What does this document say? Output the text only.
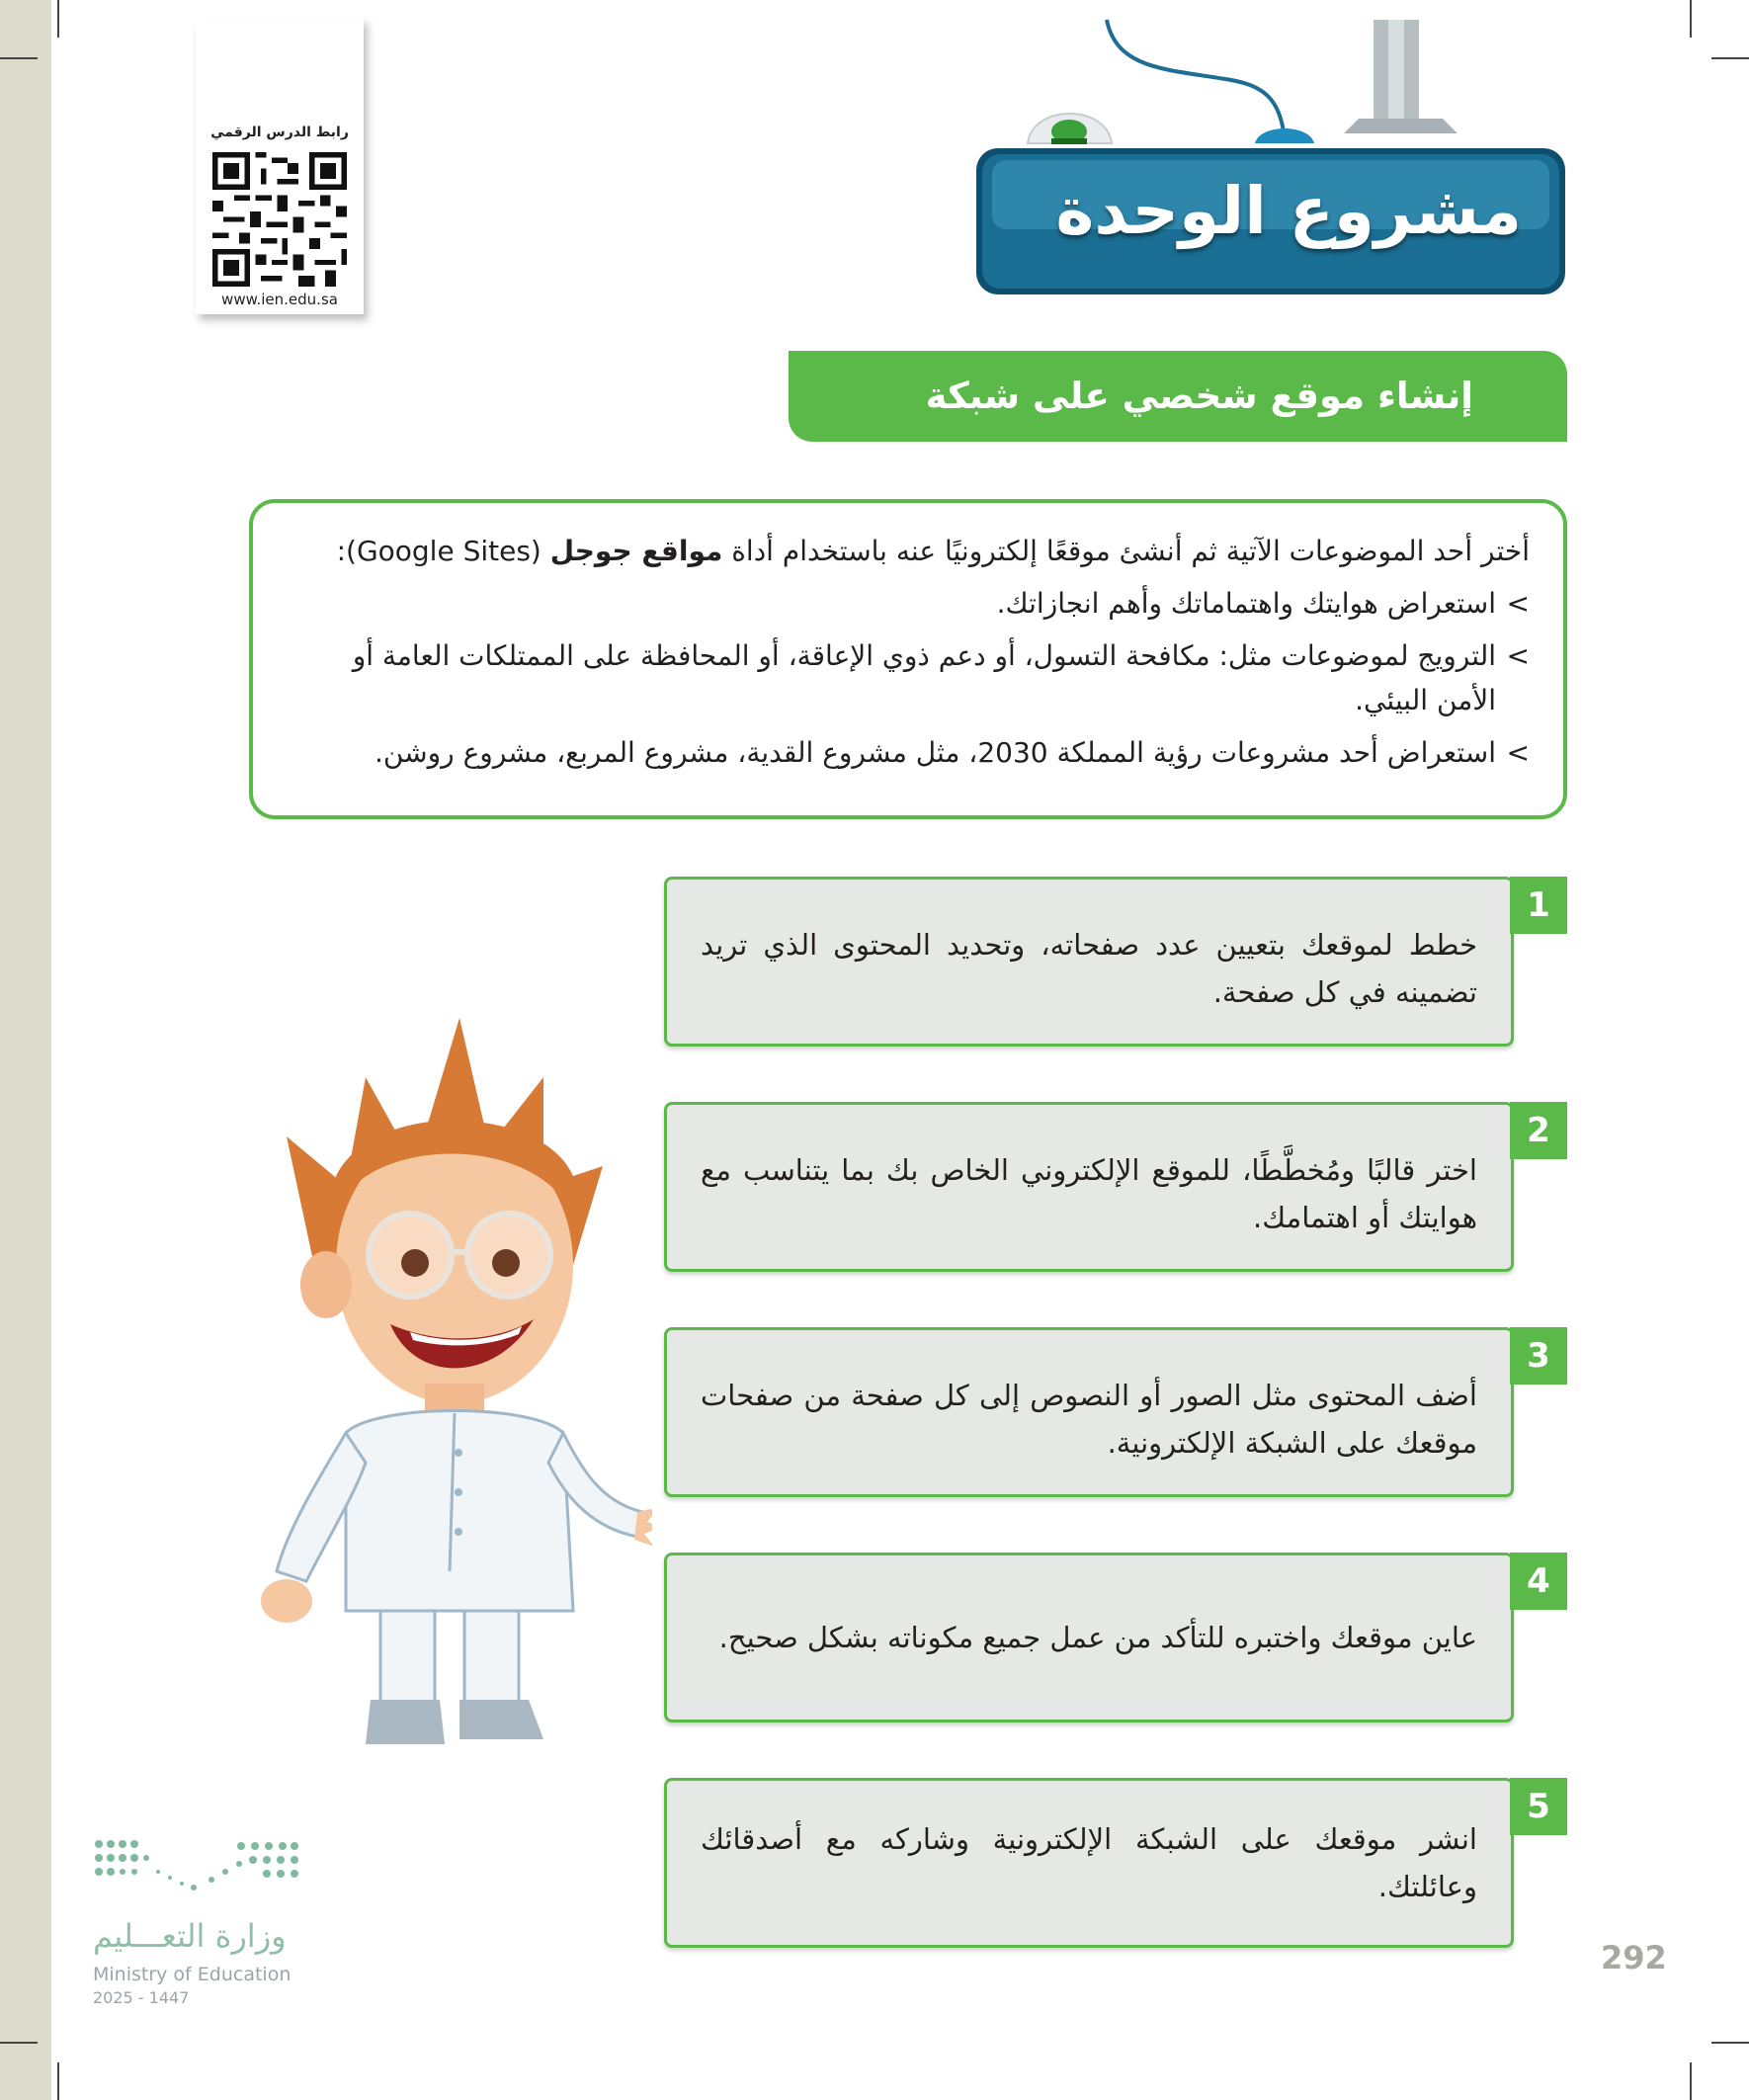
رابط الدرس الرقمي
www.ien.edu.sa
مشروع الوحدة
إنشاء موقع شخصي على شبكة الإنترنت

أختر أحد الموضوعات الآتية ثم أنشئ موقعًا إلكترونيًا عنه باستخدام أداة مواقع جوجل (Google Sites):

> استعراض هوايتك واهتماماتك وأهم انجازاتك.

> الترويج لموضوعات مثل: مكافحة التسول، أو دعم ذوي الإعاقة، أو المحافظة على الممتلكات العامة أو الأمن البيئي.

> استعراض أحد مشروعات رؤية المملكة 2030، مثل مشروع القدية، مشروع المربع، مشروع روشن.

خطط لموقعك بتعيين عدد صفحاته، وتحديد المحتوى الذي تريد تضمينه في كل صفحة.
1
اختر قالبًا ومُخطَّطًا، للموقع الإلكتروني الخاص بك بما يتناسب مع هوايتك أو اهتمامك.
2
أضف المحتوى مثل الصور أو النصوص إلى كل صفحة من صفحات موقعك على الشبكة الإلكترونية.
3
عاين موقعك واختبره للتأكد من عمل جميع مكوناته بشكل صحيح.
4
انشر موقعك على الشبكة الإلكترونية وشاركه مع أصدقائك وعائلتك.
5
وزارة التعـــليم
Ministry of Education
2025 - 1447
292
